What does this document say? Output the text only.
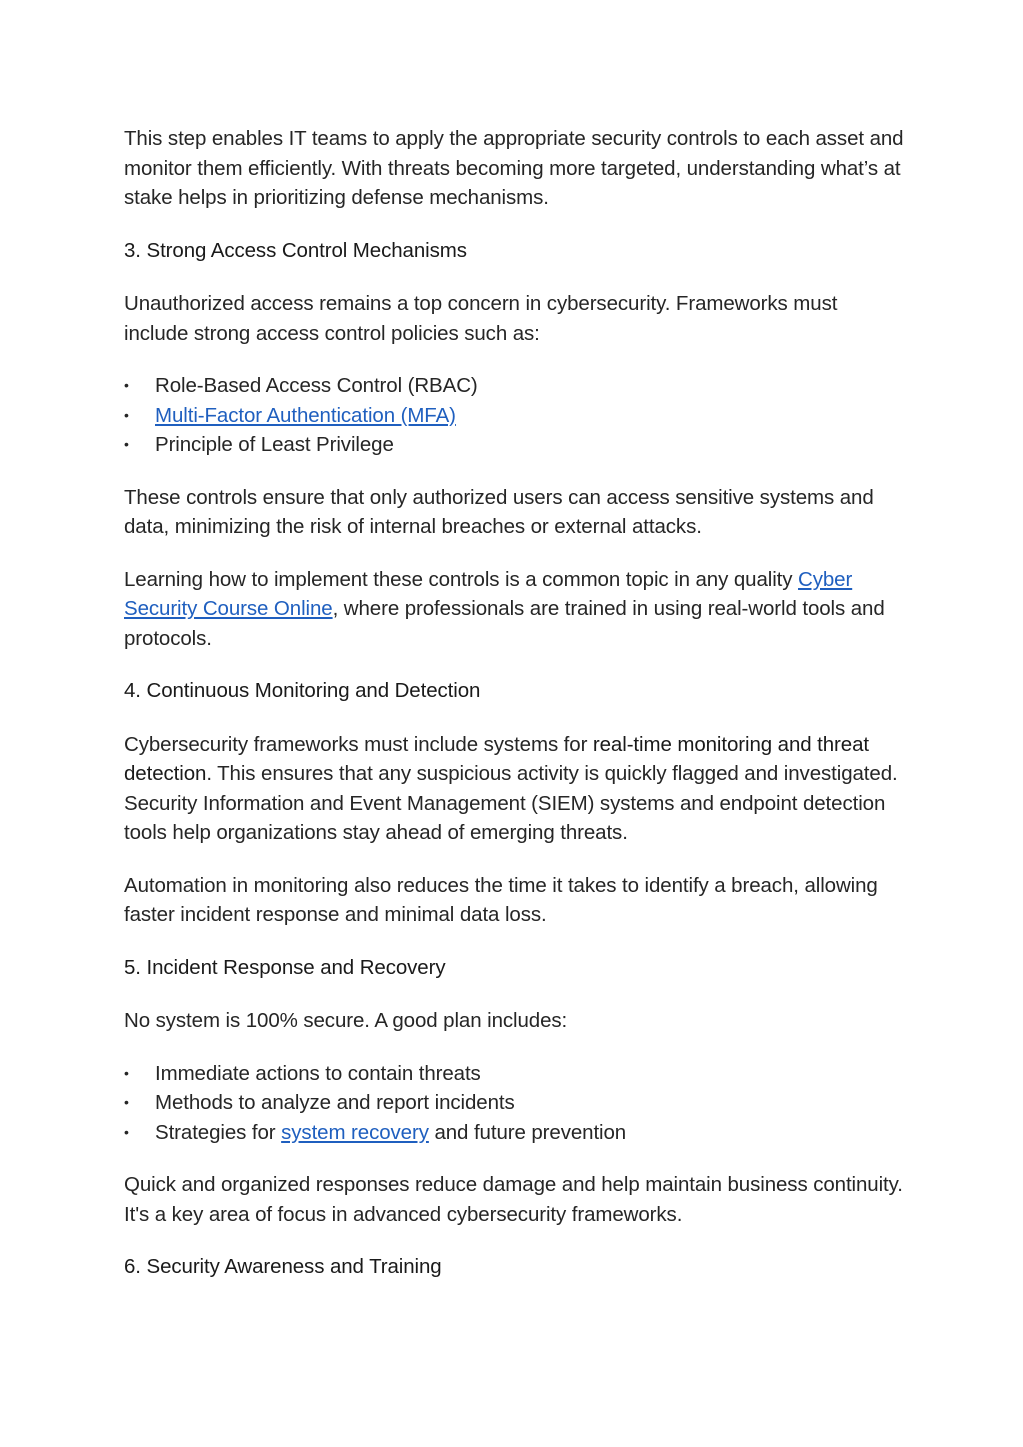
This step enables IT teams to apply the appropriate security controls to each asset and monitor them efficiently. With threats becoming more targeted, understanding what’s at stake helps in prioritizing defense mechanisms.

3. Strong Access Control Mechanisms

Unauthorized access remains a top concern in cybersecurity. Frameworks must include strong access control policies such as:

•	Role-Based Access Control (RBAC)
•	Multi-Factor Authentication (MFA)
•	Principle of Least Privilege

These controls ensure that only authorized users can access sensitive systems and data, minimizing the risk of internal breaches or external attacks.

Learning how to implement these controls is a common topic in any quality Cyber Security Course Online, where professionals are trained in using real-world tools and protocols.

4. Continuous Monitoring and Detection

Cybersecurity frameworks must include systems for real-time monitoring and threat detection. This ensures that any suspicious activity is quickly flagged and investigated.
Security Information and Event Management (SIEM) systems and endpoint detection tools help organizations stay ahead of emerging threats.

Automation in monitoring also reduces the time it takes to identify a breach, allowing faster incident response and minimal data loss.

5. Incident Response and Recovery

No system is 100% secure. A good plan includes:

•	Immediate actions to contain threats
•	Methods to analyze and report incidents
•	Strategies for system recovery and future prevention

Quick and organized responses reduce damage and help maintain business continuity. It's a key area of focus in advanced cybersecurity frameworks.

6. Security Awareness and Training
